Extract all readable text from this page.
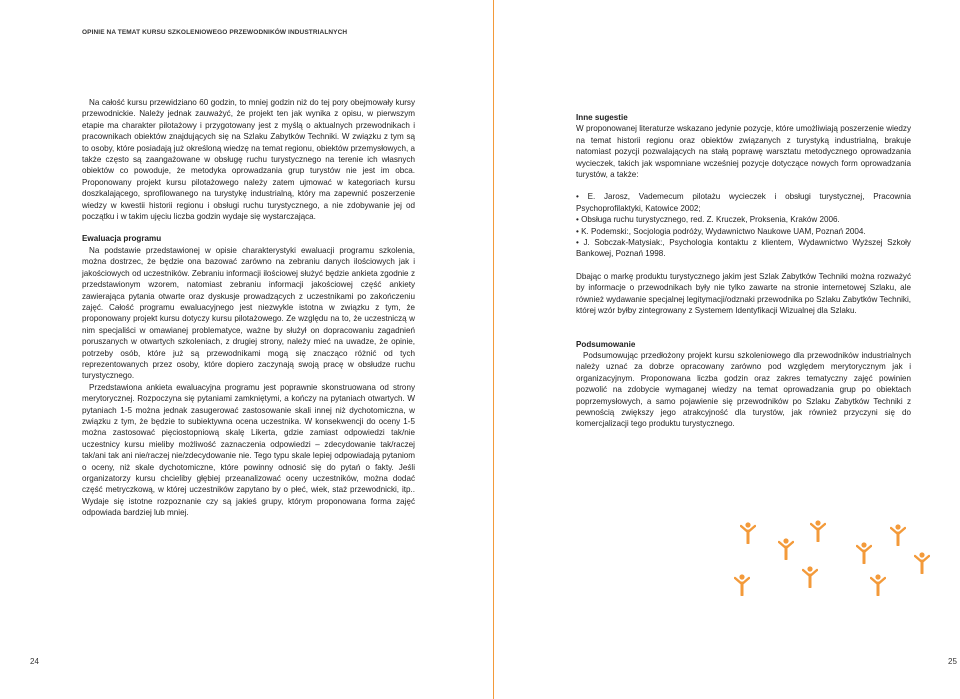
OPINIE NA TEMAT KURSU SZKOLENIOWEGO PRZEWODNIKÓW INDUSTRIALNYCH

Na całość kursu przewidziano 60 godzin, to mniej godzin niż do tej pory obejmowały kursy przewodnickie. Należy jednak zauważyć, że projekt ten jak wynika z opisu, w pierwszym etapie ma charakter pilotażowy i przygotowany jest z myślą o aktualnych przewodnikach i pracownikach obiektów znajdujących się na Szlaku Zabytków Techniki. W związku z tym są to osoby, które posiadają już określoną wiedzę na temat regionu, obiektów przemysłowych, a także często są zaangażowane w obsługę ruchu turystycznego na terenie ich własnych obiektów co powoduje, że metodyka oprowadzania grup turystów nie jest im obca. Proponowany projekt kursu pilotażowego należy zatem ujmować w kategoriach kursu doszkalającego, sprofilowanego na turystykę industrialną, który ma zapewnić poszerzenie wiedzy w kwestii historii regionu i obsługi ruchu turystycznego, a nie zdobywanie jej od początku i w takim ujęciu liczba godzin wydaje się wystarczająca.

Ewaluacja programu

Na podstawie przedstawionej w opisie charakterystyki ewaluacji programu szkolenia, można dostrzec, że będzie ona bazować zarówno na zebraniu danych ilościowych jak i jakościowych od uczestników. Zebraniu informacji ilościowej służyć będzie ankieta zgodnie z przedstawionym wzorem, natomiast zebraniu informacji jakościowej część ankiety zawierająca pytania otwarte oraz dyskusje prowadzących z uczestnikami po zakończeniu zajęć. Całość programu ewaluacyjnego jest niezwykle istotna w związku z tym, że proponowany projekt kursu dotyczy kursu pilotażowego. Ze względu na to, że uczestniczą w nim specjaliści w omawianej problematyce, ważne by służył on dopracowaniu zagadnień poruszanych w otwartych szkoleniach, z drugiej strony, należy mieć na uwadze, że opinie, potrzeby osób, które już są przewodnikami mogą się znacząco różnić od tych reprezentowanych przez osoby, które dopiero zaczynają swoją pracę w obsłudze ruchu turystycznego.

Przedstawiona ankieta ewaluacyjna programu jest poprawnie skonstruowana od strony merytorycznej. Rozpoczyna się pytaniami zamkniętymi, a kończy na pytaniach otwartych. W pytaniach 1-5 można jednak zasugerować zastosowanie skali innej niż dychotomiczna, w związku z tym, że będzie to subiektywna ocena uczestnika. W konsekwencji do oceny 1-5 można zastosować pięciostopniową skalę Likerta, gdzie zamiast odpowiedzi tak/nie uczestnicy kursu mieliby możliwość zaznaczenia odpowiedzi – zdecydowanie tak/raczej tak/ani tak ani nie/raczej nie/zdecydowanie nie. Tego typu skale lepiej odpowiadają pytaniom o oceny, niż skale dychotomiczne, które powinny odnosić się do pytań o fakty. Jeśli organizatorzy kursu chcieliby głębiej przeanalizować oceny uczestników, można dodać część metryczkową, w której uczestników zapytano by o płeć, wiek, staż przewodnicki, itp.. Wydaje się istotne rozpoznanie czy są jakieś grupy, którym proponowana forma zajęć odpowiada bardziej lub mniej.

24
Inne sugestie

W proponowanej literaturze wskazano jedynie pozycje, które umożliwiają poszerzenie wiedzy na temat historii regionu oraz obiektów związanych z turystyką industrialną, brakuje natomiast pozycji pozwalających na stałą poprawę warsztatu metodycznego oprowadzania wycieczek, takich jak wspomniane wcześniej pozycje dotyczące nowych form oprowadzania turystów, a także:

• E. Jarosz, Vademecum pilotażu wycieczek i obsługi turystycznej, Pracownia Psychoprofilaktyki, Katowice 2002;
• Obsługa ruchu turystycznego, red. Z. Kruczek, Proksenia, Kraków 2006.
• K. Podemski:, Socjologia podróży, Wydawnictwo Naukowe UAM, Poznań 2004.
• J. Sobczak-Matysiak:, Psychologia kontaktu z klientem, Wydawnictwo Wyższej Szkoły Bankowej, Poznań 1998.

Dbając o markę produktu turystycznego jakim jest Szlak Zabytków Techniki można rozważyć by informacje o przewodnikach były nie tylko zawarte na stronie internetowej Szlaku, ale również wydawanie specjalnej legitymacji/odznaki przewodnika po Szlaku Zabytków Techniki, której wzór byłby zintegrowany z Systemem Identyfikacji Wizualnej dla Szlaku.

Podsumowanie

Podsumowując przedłożony projekt kursu szkoleniowego dla przewodników industrialnych należy uznać za dobrze opracowany zarówno pod względem merytorycznym jak i organizacyjnym. Proponowana liczba godzin oraz zakres tematyczny zajęć powinien pozwolić na zdobycie wymaganej wiedzy na temat oprowadzania grup po obiektach poprzemysłowych, a samo pojawienie się przewodników po Szlaku Zabytków Techniki z pewnością zwiększy jego atrakcyjność dla turystów, jak również przyczyni się do komercjalizacji tego produktu turystycznego.

25
